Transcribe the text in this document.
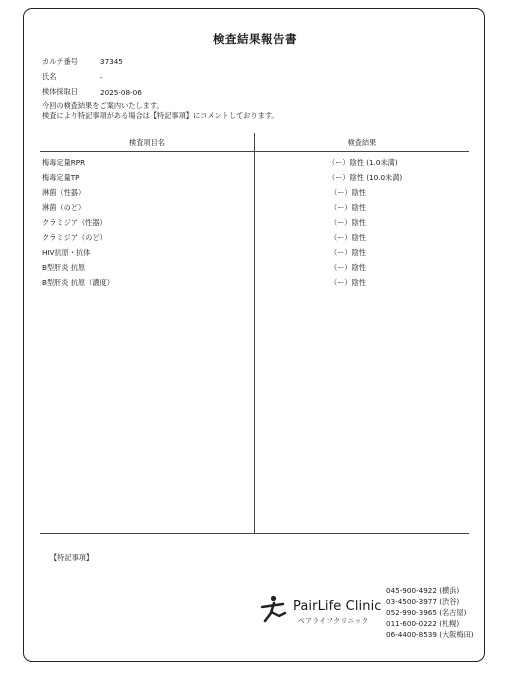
検査結果報告書
カルテ番号	37345
氏名	-
検体採取日	2025-08-06
今回の検査結果をご案内いたします。
検査により特記事項がある場合は【特記事項】にコメントしております。
検査項目名	検査結果
梅毒定量RPR	（ー）陰性 (1.0未満)
梅毒定量TP	（ー）陰性 (10.0未満)
淋菌（性器）	（ー）陰性
淋菌（のど）	（ー）陰性
クラミジア（性器）	（ー）陰性
クラミジア（のど）	（ー）陰性
HIV抗原・抗体	（ー）陰性
B型肝炎 抗原	（ー）陰性
B型肝炎 抗原（濃度）	（ー）陰性
【特記事項】
PairLife Clinic
ペアライフクリニック
045-900-4922 (横浜)
03-4500-3977 (渋谷)
052-990-3965 (名古屋)
011-600-0222 (札幌)
06-4400-8539 (大阪梅田)
